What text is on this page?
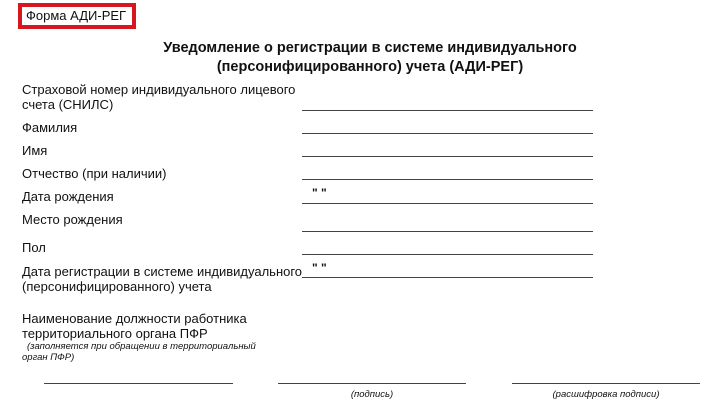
Форма АДИ-РЕГ
Уведомление о регистрации в системе индивидуального
(персонифицированного) учета (АДИ-РЕГ)
Страховой номер индивидуального лицевого
счета (СНИЛС)
Фамилия
Имя
Отчество (при наличии)
Дата рождения	" "
Место рождения
Пол
Дата регистрации в системе индивидуального
(персонифицированного) учета
" "
Наименование должности работника
территориального органа ПФР
(заполняется при обращении в территориальный
орган ПФР)
(подпись)	(расшифровка подписи)
